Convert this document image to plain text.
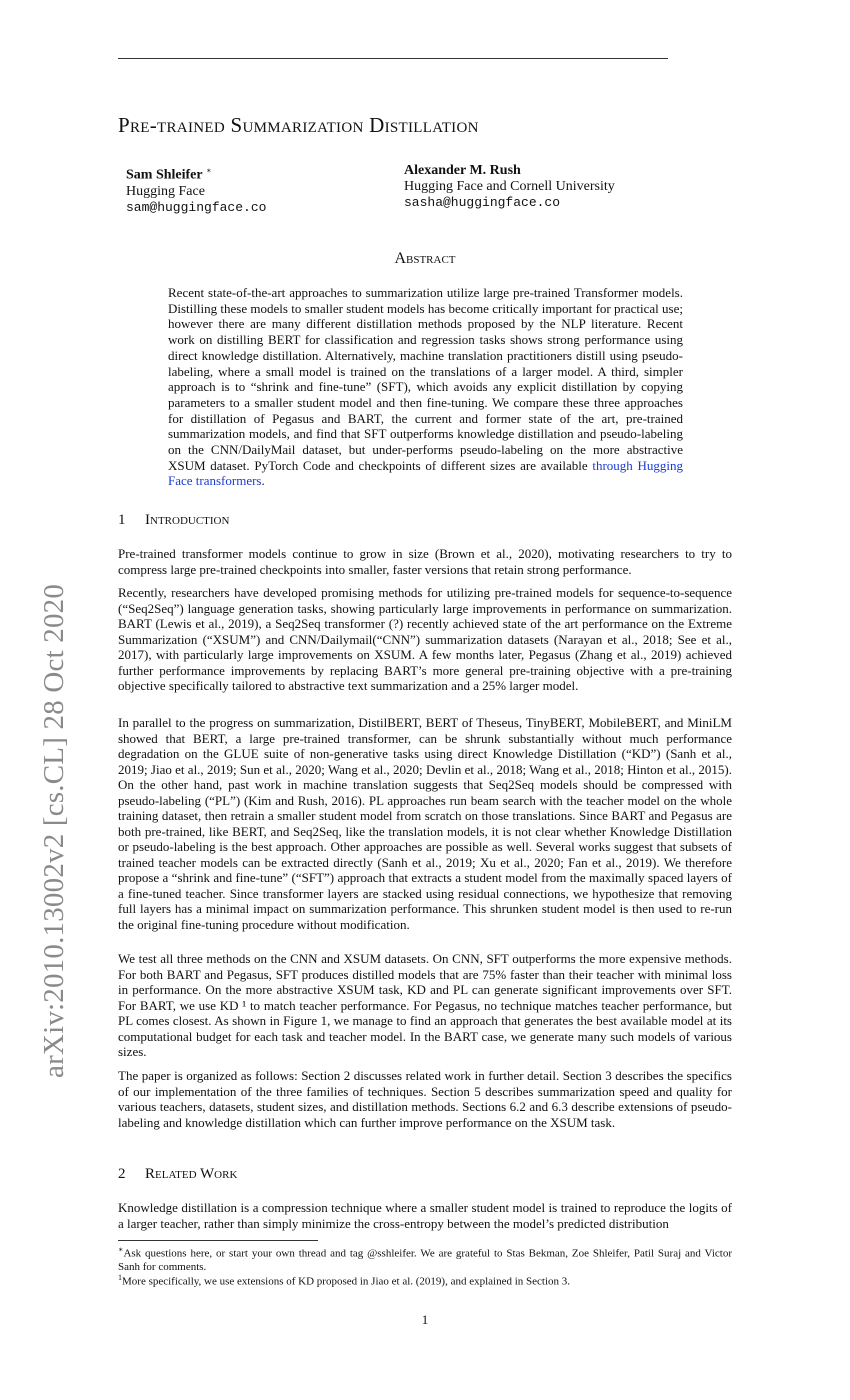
arXiv:2010.13002v2 [cs.CL] 28 Oct 2020
Pre-trained Summarization Distillation
Sam Shleifer ∗
Hugging Face
sam@huggingface.co
Alexander M. Rush
Hugging Face and Cornell University
sasha@huggingface.co
Abstract

Recent state-of-the-art approaches to summarization utilize large pre-trained Transformer models. Distilling these models to smaller student models has become critically important for practical use; however there are many different distillation methods proposed by the NLP literature. Recent work on distilling BERT for classification and regression tasks shows strong performance using direct knowledge distillation. Alternatively, machine translation practitioners distill using pseudo-labeling, where a small model is trained on the translations of a larger model. A third, simpler approach is to “shrink and fine-tune” (SFT), which avoids any explicit distillation by copying parameters to a smaller student model and then fine-tuning. We compare these three approaches for distillation of Pegasus and BART, the current and former state of the art, pre-trained summarization models, and find that SFT outperforms knowledge distillation and pseudo-labeling on the CNN/DailyMail dataset, but under-performs pseudo-labeling on the more abstractive XSUM dataset. PyTorch Code and checkpoints of different sizes are available through Hugging Face transformers.

1 Introduction

Pre-trained transformer models continue to grow in size (Brown et al., 2020), motivating researchers to try to compress large pre-trained checkpoints into smaller, faster versions that retain strong performance.

Recently, researchers have developed promising methods for utilizing pre-trained models for sequence-to-sequence (“Seq2Seq”) language generation tasks, showing particularly large improvements in performance on summarization. BART (Lewis et al., 2019), a Seq2Seq transformer (?) recently achieved state of the art performance on the Extreme Summarization (“XSUM”) and CNN/Dailymail(“CNN”) summarization datasets (Narayan et al., 2018; See et al., 2017), with particularly large improvements on XSUM. A few months later, Pegasus (Zhang et al., 2019) achieved further performance improvements by replacing BART’s more general pre-training objective with a pre-training objective specifically tailored to abstractive text summarization and a 25% larger model.

In parallel to the progress on summarization, DistilBERT, BERT of Theseus, TinyBERT, MobileBERT, and MiniLM showed that BERT, a large pre-trained transformer, can be shrunk substantially without much performance degradation on the GLUE suite of non-generative tasks using direct Knowledge Distillation (“KD”) (Sanh et al., 2019; Jiao et al., 2019; Sun et al., 2020; Wang et al., 2020; Devlin et al., 2018; Wang et al., 2018; Hinton et al., 2015). On the other hand, past work in machine translation suggests that Seq2Seq models should be compressed with pseudo-labeling (“PL”) (Kim and Rush, 2016). PL approaches run beam search with the teacher model on the whole training dataset, then retrain a smaller student model from scratch on those translations. Since BART and Pegasus are both pre-trained, like BERT, and Seq2Seq, like the translation models, it is not clear whether Knowledge Distillation or pseudo-labeling is the best approach. Other approaches are possible as well. Several works suggest that subsets of trained teacher models can be extracted directly (Sanh et al., 2019; Xu et al., 2020; Fan et al., 2019). We therefore propose a “shrink and fine-tune” (“SFT”) approach that extracts a student model from the maximally spaced layers of a fine-tuned teacher. Since transformer layers are stacked using residual connections, we hypothesize that removing full layers has a minimal impact on summarization performance. This shrunken student model is then used to re-run the original fine-tuning procedure without modification.

We test all three methods on the CNN and XSUM datasets. On CNN, SFT outperforms the more expensive methods. For both BART and Pegasus, SFT produces distilled models that are 75% faster than their teacher with minimal loss in performance. On the more abstractive XSUM task, KD and PL can generate significant improvements over SFT. For BART, we use KD ¹ to match teacher performance. For Pegasus, no technique matches teacher performance, but PL comes closest. As shown in Figure 1, we manage to find an approach that generates the best available model at its computational budget for each task and teacher model. In the BART case, we generate many such models of various sizes.

The paper is organized as follows: Section 2 discusses related work in further detail. Section 3 describes the specifics of our implementation of the three families of techniques. Section 5 describes summarization speed and quality for various teachers, datasets, student sizes, and distillation methods. Sections 6.2 and 6.3 describe extensions of pseudo-labeling and knowledge distillation which can further improve performance on the XSUM task.

2 Related Work

Knowledge distillation is a compression technique where a smaller student model is trained to reproduce the logits of a larger teacher, rather than simply minimize the cross-entropy between the model’s predicted distribution

∗Ask questions here, or start your own thread and tag @sshleifer. We are grateful to Stas Bekman, Zoe Shleifer, Patil Suraj and Victor Sanh for comments.

$^1$More specifically, we use extensions of KD proposed in Jiao et al. (2019), and explained in Section 3.

1
